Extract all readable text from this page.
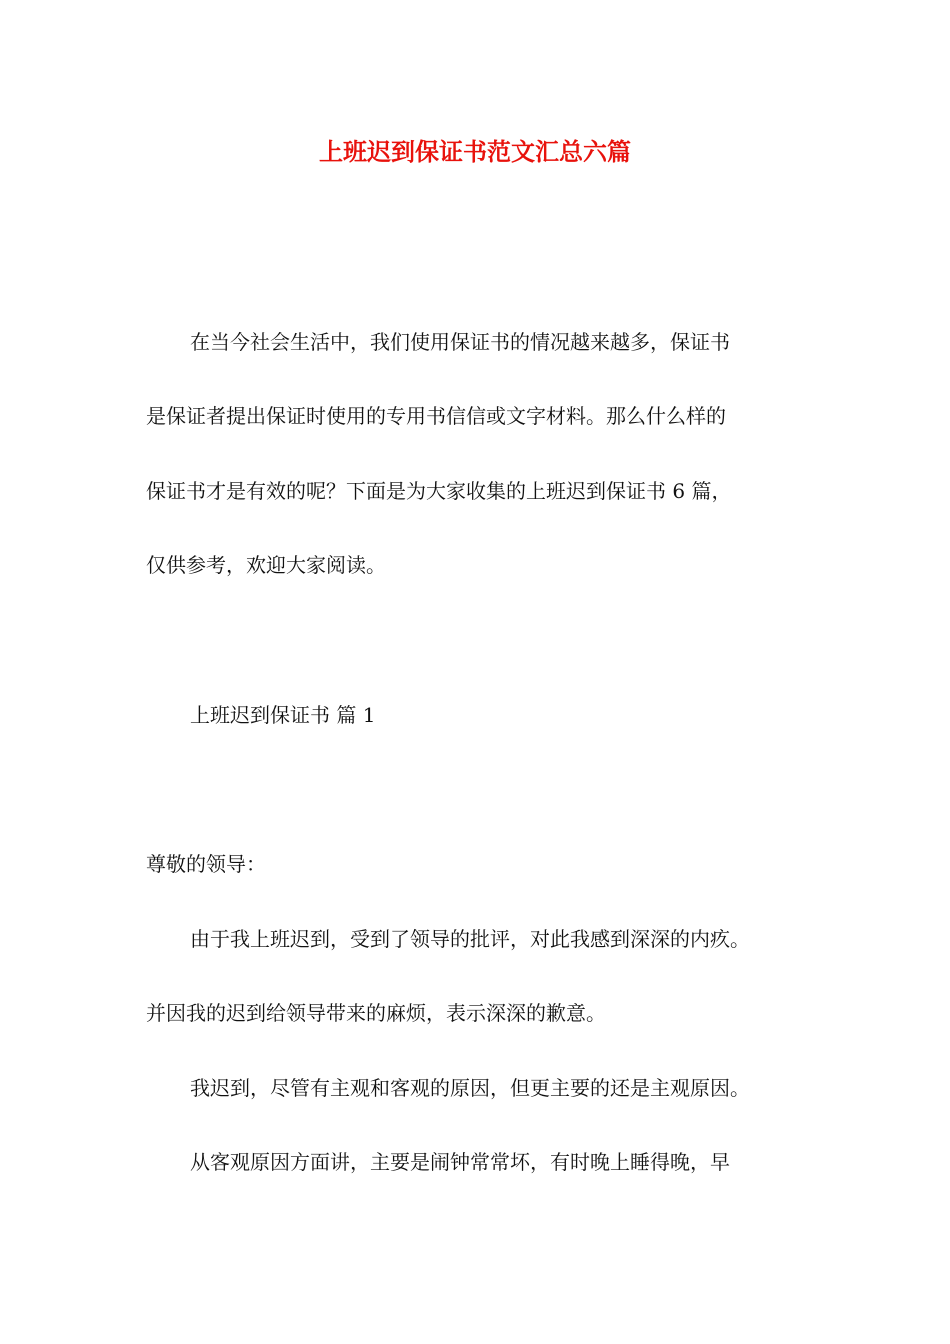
上班迟到保证书范文汇总六篇
在当今社会生活中，我们使用保证书的情况越来越多，保证书
是保证者提出保证时使用的专用书信信或文字材料。那么什么样的
保证书才是有效的呢？下面是为大家收集的上班迟到保证书 6 篇，
仅供参考，欢迎大家阅读。
上班迟到保证书 篇 1
尊敬的领导：
由于我上班迟到，受到了领导的批评，对此我感到深深的内疚。
并因我的迟到给领导带来的麻烦，表示深深的歉意。
我迟到，尽管有主观和客观的原因，但更主要的还是主观原因。
从客观原因方面讲，主要是闹钟常常坏，有时晚上睡得晚，早
